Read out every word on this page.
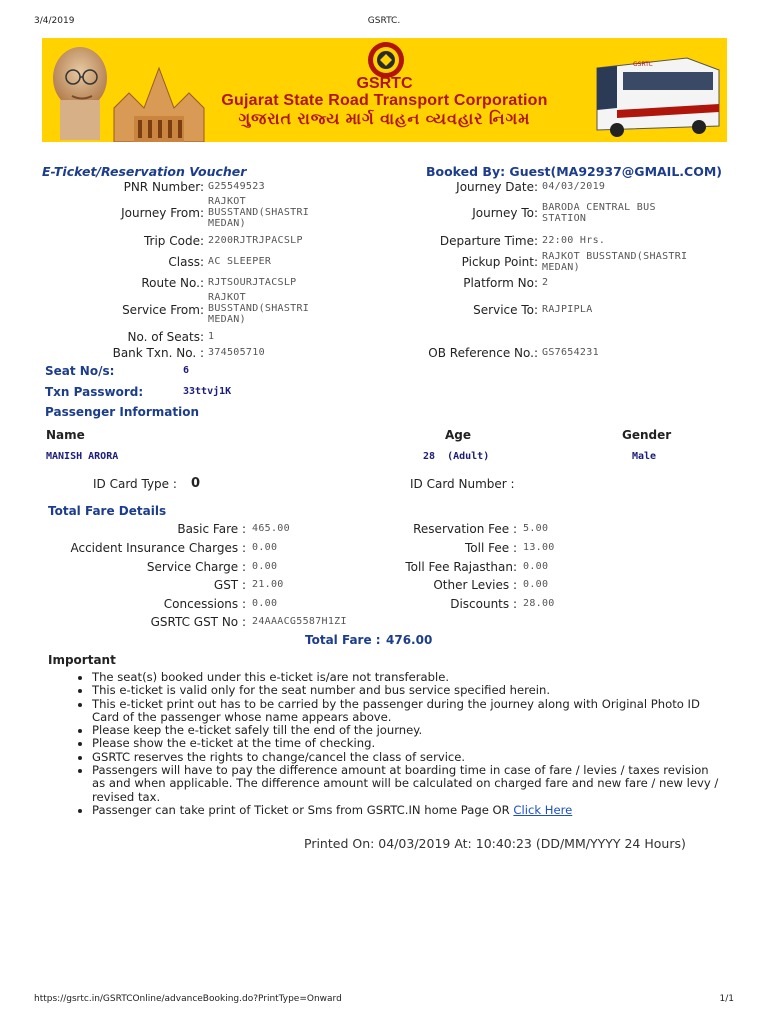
3/4/2019	GSRTC.
GSRTC
Gujarat State Road Transport Corporation
ગુજરાત રાજ્ય માર્ગ વાહન વ્યવહાર નિગમ
GSRTC
E-Ticket/Reservation Voucher	Booked By: Guest(MA92937@GMAIL.COM)
PNR Number: G25549523
Journey From:
RAJKOT
BUSSTAND(SHASTRI
MEDAN)
Trip Code: 2200RJTRJPACSLP
Class: AC SLEEPER
Route No.: RJTSOURJTACSLP
Service From:
RAJKOT
BUSSTAND(SHASTRI
MEDAN)
No. of Seats: 1
Bank Txn. No. : 374505710
Journey Date: 04/03/2019
Journey To: BARODA CENTRAL BUS
STATION
Departure Time: 22:00 Hrs.
Pickup Point: RAJKOT BUSSTAND(SHASTRI
MEDAN)
Platform No: 2
Service To: RAJPIPLA
OB Reference No.: GS7654231
Seat No/s:	6
Txn Password:	33ttvj1K
Passenger Information
Name	Age	Gender
MANISH ARORA	28  (Adult)	Male
ID Card Type : 0	ID Card Number :
Total Fare Details
Basic Fare : 465.00
Accident Insurance Charges : 0.00
Service Charge : 0.00
GST : 21.00
Concessions : 0.00
GSRTC GST No : 24AAACG5587H1ZI
Reservation Fee : 5.00
Toll Fee : 13.00
Toll Fee Rajasthan: 0.00
Other Levies : 0.00
Discounts : 28.00
Total Fare : 476.00
Important
• The seat(s) booked under this e-ticket is/are not transferable.
• This e-ticket is valid only for the seat number and bus service specified herein.
• This e-ticket print out has to be carried by the passenger during the journey along with Original Photo ID Card of the passenger whose name appears above.
• Please keep the e-ticket safely till the end of the journey.
• Please show the e-ticket at the time of checking.
• GSRTC reserves the rights to change/cancel the class of service.
• Passengers will have to pay the difference amount at boarding time in case of fare / levies / taxes revision as and when applicable. The difference amount will be calculated on charged fare and new fare / new levy / revised tax.
• Passenger can take print of Ticket or Sms from GSRTC.IN home Page OR Click Here
Printed On: 04/03/2019 At: 10:40:23 (DD/MM/YYYY 24 Hours)
https://gsrtc.in/GSRTCOnline/advanceBooking.do?PrintType=Onward	1/1
